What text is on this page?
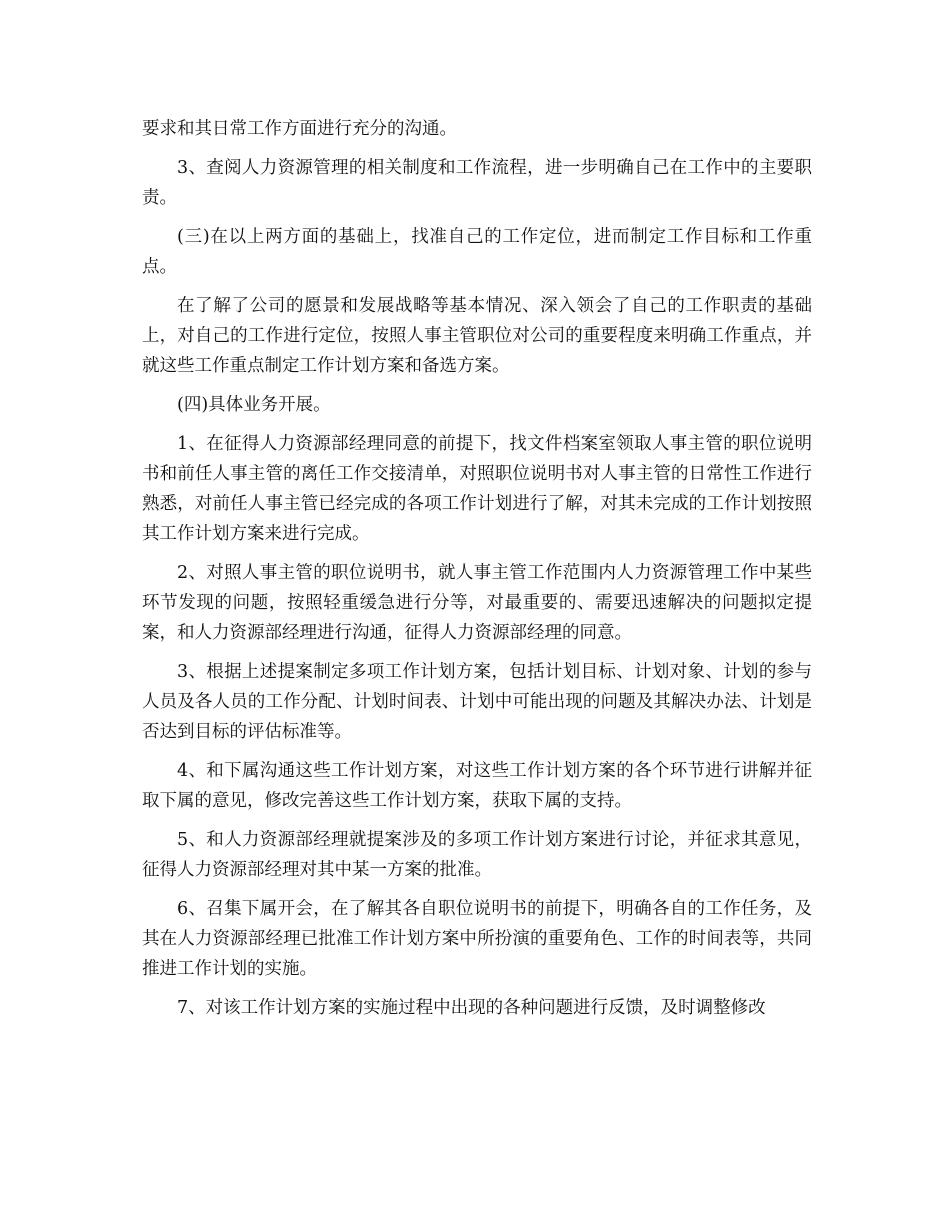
要求和其日常工作方面进行充分的沟通。

3、查阅人力资源管理的相关制度和工作流程，进一步明确自己在工作中的主要职责。

(三)在以上两方面的基础上，找准自己的工作定位，进而制定工作目标和工作重点。

在了解了公司的愿景和发展战略等基本情况、深入领会了自己的工作职责的基础上，对自己的工作进行定位，按照人事主管职位对公司的重要程度来明确工作重点，并就这些工作重点制定工作计划方案和备选方案。

(四)具体业务开展。

1、在征得人力资源部经理同意的前提下，找文件档案室领取人事主管的职位说明书和前任人事主管的离任工作交接清单，对照职位说明书对人事主管的日常性工作进行熟悉，对前任人事主管已经完成的各项工作计划进行了解，对其未完成的工作计划按照其工作计划方案来进行完成。

2、对照人事主管的职位说明书，就人事主管工作范围内人力资源管理工作中某些环节发现的问题，按照轻重缓急进行分等，对最重要的、需要迅速解决的问题拟定提案，和人力资源部经理进行沟通，征得人力资源部经理的同意。

3、根据上述提案制定多项工作计划方案，包括计划目标、计划对象、计划的参与人员及各人员的工作分配、计划时间表、计划中可能出现的问题及其解决办法、计划是否达到目标的评估标准等。

4、和下属沟通这些工作计划方案，对这些工作计划方案的各个环节进行讲解并征取下属的意见，修改完善这些工作计划方案，获取下属的支持。

5、和人力资源部经理就提案涉及的多项工作计划方案进行讨论，并征求其意见，征得人力资源部经理对其中某一方案的批准。

6、召集下属开会，在了解其各自职位说明书的前提下，明确各自的工作任务，及其在人力资源部经理已批准工作计划方案中所扮演的重要角色、工作的时间表等，共同推进工作计划的实施。

7、对该工作计划方案的实施过程中出现的各种问题进行反馈，及时调整修改
